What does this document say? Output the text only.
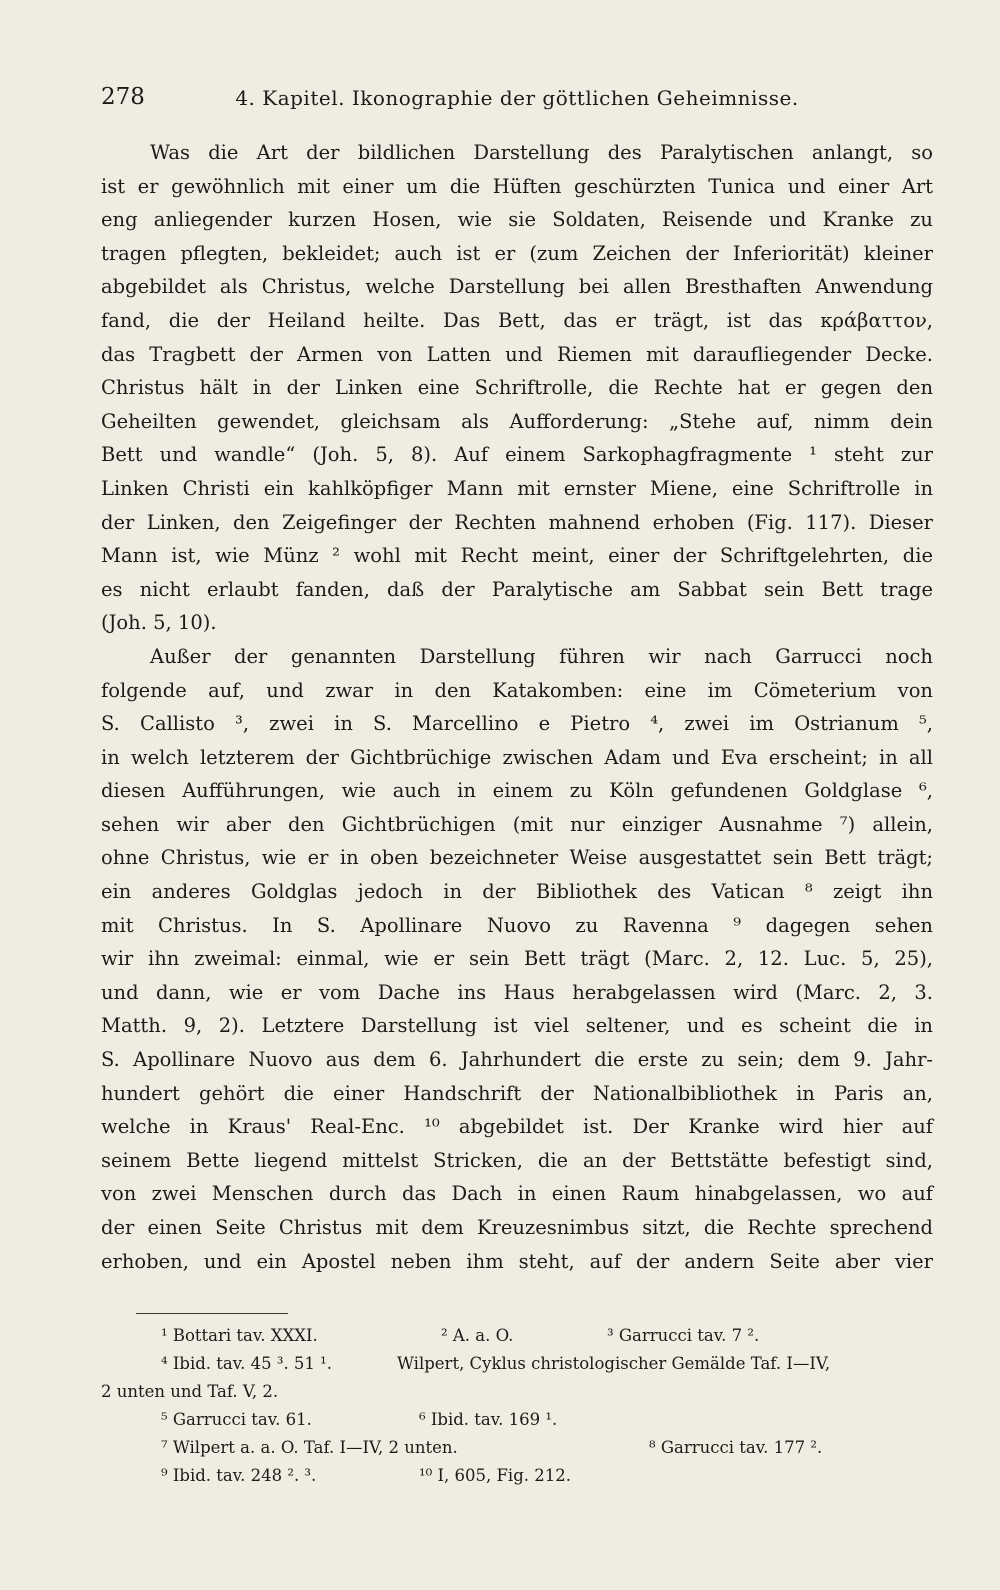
278	4. Kapitel. Ikonographie der göttlichen Geheimnisse.
Was die Art der bildlichen Darstellung des Paralytischen anlangt, so
ist er gewöhnlich mit einer um die Hüften geschürzten Tunica und einer Art
eng anliegender kurzen Hosen, wie sie Soldaten, Reisende und Kranke zu
tragen pflegten, bekleidet; auch ist er (zum Zeichen der Inferiorität) kleiner
abgebildet als Christus, welche Darstellung bei allen Bresthaften Anwendung
fand, die der Heiland heilte. Das Bett, das er trägt, ist das κράβαττον,
das Tragbett der Armen von Latten und Riemen mit daraufliegender Decke.
Christus hält in der Linken eine Schriftrolle, die Rechte hat er gegen den
Geheilten gewendet, gleichsam als Aufforderung: „Stehe auf, nimm dein
Bett und wandle“ (Joh. 5, 8). Auf einem Sarkophagfragmente ¹ steht zur
Linken Christi ein kahlköpfiger Mann mit ernster Miene, eine Schriftrolle in
der Linken, den Zeigefinger der Rechten mahnend erhoben (Fig. 117). Dieser
Mann ist, wie Münz ² wohl mit Recht meint, einer der Schriftgelehrten, die
es nicht erlaubt fanden, daß der Paralytische am Sabbat sein Bett trage
(Joh. 5, 10).
Außer der genannten Darstellung führen wir nach Garrucci noch
folgende auf, und zwar in den Katakomben: eine im Cömeterium von
S. Callisto ³, zwei in S. Marcellino e Pietro ⁴, zwei im Ostrianum ⁵,
in welch letzterem der Gichtbrüchige zwischen Adam und Eva erscheint; in all
diesen Aufführungen, wie auch in einem zu Köln gefundenen Goldglase ⁶,
sehen wir aber den Gichtbrüchigen (mit nur einziger Ausnahme ⁷) allein,
ohne Christus, wie er in oben bezeichneter Weise ausgestattet sein Bett trägt;
ein anderes Goldglas jedoch in der Bibliothek des Vatican ⁸ zeigt ihn
mit Christus. In S. Apollinare Nuovo zu Ravenna ⁹ dagegen sehen
wir ihn zweimal: einmal, wie er sein Bett trägt (Marc. 2, 12. Luc. 5, 25),
und dann, wie er vom Dache ins Haus herabgelassen wird (Marc. 2, 3.
Matth. 9, 2). Letztere Darstellung ist viel seltener, und es scheint die in
S. Apollinare Nuovo aus dem 6. Jahrhundert die erste zu sein; dem 9. Jahr-
hundert gehört die einer Handschrift der Nationalbibliothek in Paris an,
welche in Kraus' Real-Enc. ¹⁰ abgebildet ist. Der Kranke wird hier auf
seinem Bette liegend mittelst Stricken, die an der Bettstätte befestigt sind,
von zwei Menschen durch das Dach in einen Raum hinabgelassen, wo auf
der einen Seite Christus mit dem Kreuzesnimbus sitzt, die Rechte sprechend
erhoben, und ein Apostel neben ihm steht, auf der andern Seite aber vier
¹ Bottari tav. XXXI.	² A. a. O.	³ Garrucci tav. 7 ².
⁴ Ibid. tav. 45 ³. 51 ¹.	Wilpert, Cyklus christologischer Gemälde Taf. I—IV,
2 unten und Taf. V, 2.
⁵ Garrucci tav. 61.	⁶ Ibid. tav. 169 ¹.
⁷ Wilpert a. a. O. Taf. I—IV, 2 unten.	⁸ Garrucci tav. 177 ².
⁹ Ibid. tav. 248 ². ³.	¹⁰ I, 605, Fig. 212.
